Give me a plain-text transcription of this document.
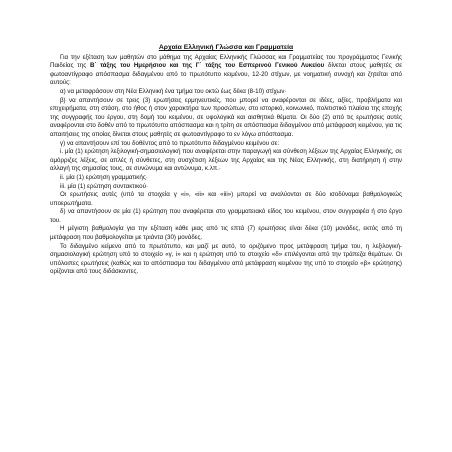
Αρχαία Ελληνική Γλώσσα και Γραμματεία

Για την εξέταση των μαθητών στο μάθημα της Αρχαίας Ελληνικής Γλώσσας και Γραμματείας του προγράμματος Γενικής Παιδείας της Β΄ τάξης του Ημερήσιου και της Γ΄ τάξης του Εσπερινού Γενικού Λυκείου δίνεται στους μαθητές σε φωτοαντίγραφο απόσπασμα διδαγμένου από το πρωτότυπο κειμένου, 12-20 στίχων, με νοηματική συνοχή και ζητείται από αυτούς:

α) να μεταφράσουν στη Νέα Ελληνική ένα τμήμα του οκτώ έως δέκα (8-10) στίχων·

β) να απαντήσουν σε τρεις (3) ερωτήσεις ερμηνευτικές, που μπορεί να αναφέρονται σε ιδέες, αξίες, προβλήματα και επιχειρήματα, στη στάση, στο ήθος ή στον χαρακτήρα των προσώπων, στο ιστορικό, κοινωνικό, πολιτιστικό πλαίσιο της εποχής της συγγραφής του έργου, στη δομή του κειμένου, σε υφολογικά και αισθητικά θέματα. Οι δύο (2) από τις ερωτήσεις αυτές αναφέρονται στο δοθέν από το πρωτότυπο απόσπασμα και η τρίτη σε απόσπασμα διδαγμένου από μετάφραση κειμένου, για τις απαιτήσεις της οποίας δίνεται στους μαθητές σε φωτοαντίγραφο το εν λόγω απόσπασμα.

γ) να απαντήσουν επί του δοθέντος από το πρωτότυπο διδαγμένου κειμένου σε:

i. μία (1) ερώτηση λεξιλογική-σημασιολογική που αναφέρεται στην παραγωγή και σύνθεση λέξεων της Αρχαίας Ελληνικής, σε ομόρριζες λέξεις, σε απλές ή σύνθετες, στη συσχέτιση λέξεων της Αρχαίας και της Νέας Ελληνικής, στη διατήρηση ή στην αλλαγή της σημασίας τους, σε συνώνυμα και αντώνυμα, κ.λπ.·

ii. μία (1) ερώτηση γραμματικής·

iii. μία (1) ερώτηση συντακτικού·

Οι ερωτήσεις αυτές (υπό τα στοιχεία γ «i», «ii» και «iii») μπορεί να αναλύονται σε δύο ισοδύναμα βαθμολογικώς υποερωτήματα.

δ) να απαντήσουν σε μία (1) ερώτηση που αναφέρεται στο γραμματειακό είδος του κειμένου, στον συγγραφέα ή στο έργο του.

Η μέγιστη βαθμολογία για την εξέταση κάθε μιας από τις επτά (7) ερωτήσεις είναι δέκα (10) μονάδες, εκτός από τη μετάφραση που βαθμολογείται με τριάντα (30) μονάδες.

Το διδαγμένο κείμενο από το πρωτότυπο, και μαζί με αυτό, το οριζόμενο προς μετάφραση τμήμα του, η λεξιλογική-σημασιολογική ερώτηση υπό το στοιχείο «γ, i» και η ερώτηση υπό το στοιχείο «δ» επιλέγονται από την τράπεζα θεμάτων. Οι υπόλοιπες ερωτήσεις (καθώς και το απόσπασμα του διδαγμένου από μετάφραση κειμένου της υπό το στοιχείο «β» ερώτησης) ορίζονται από τους διδάσκοντες.
